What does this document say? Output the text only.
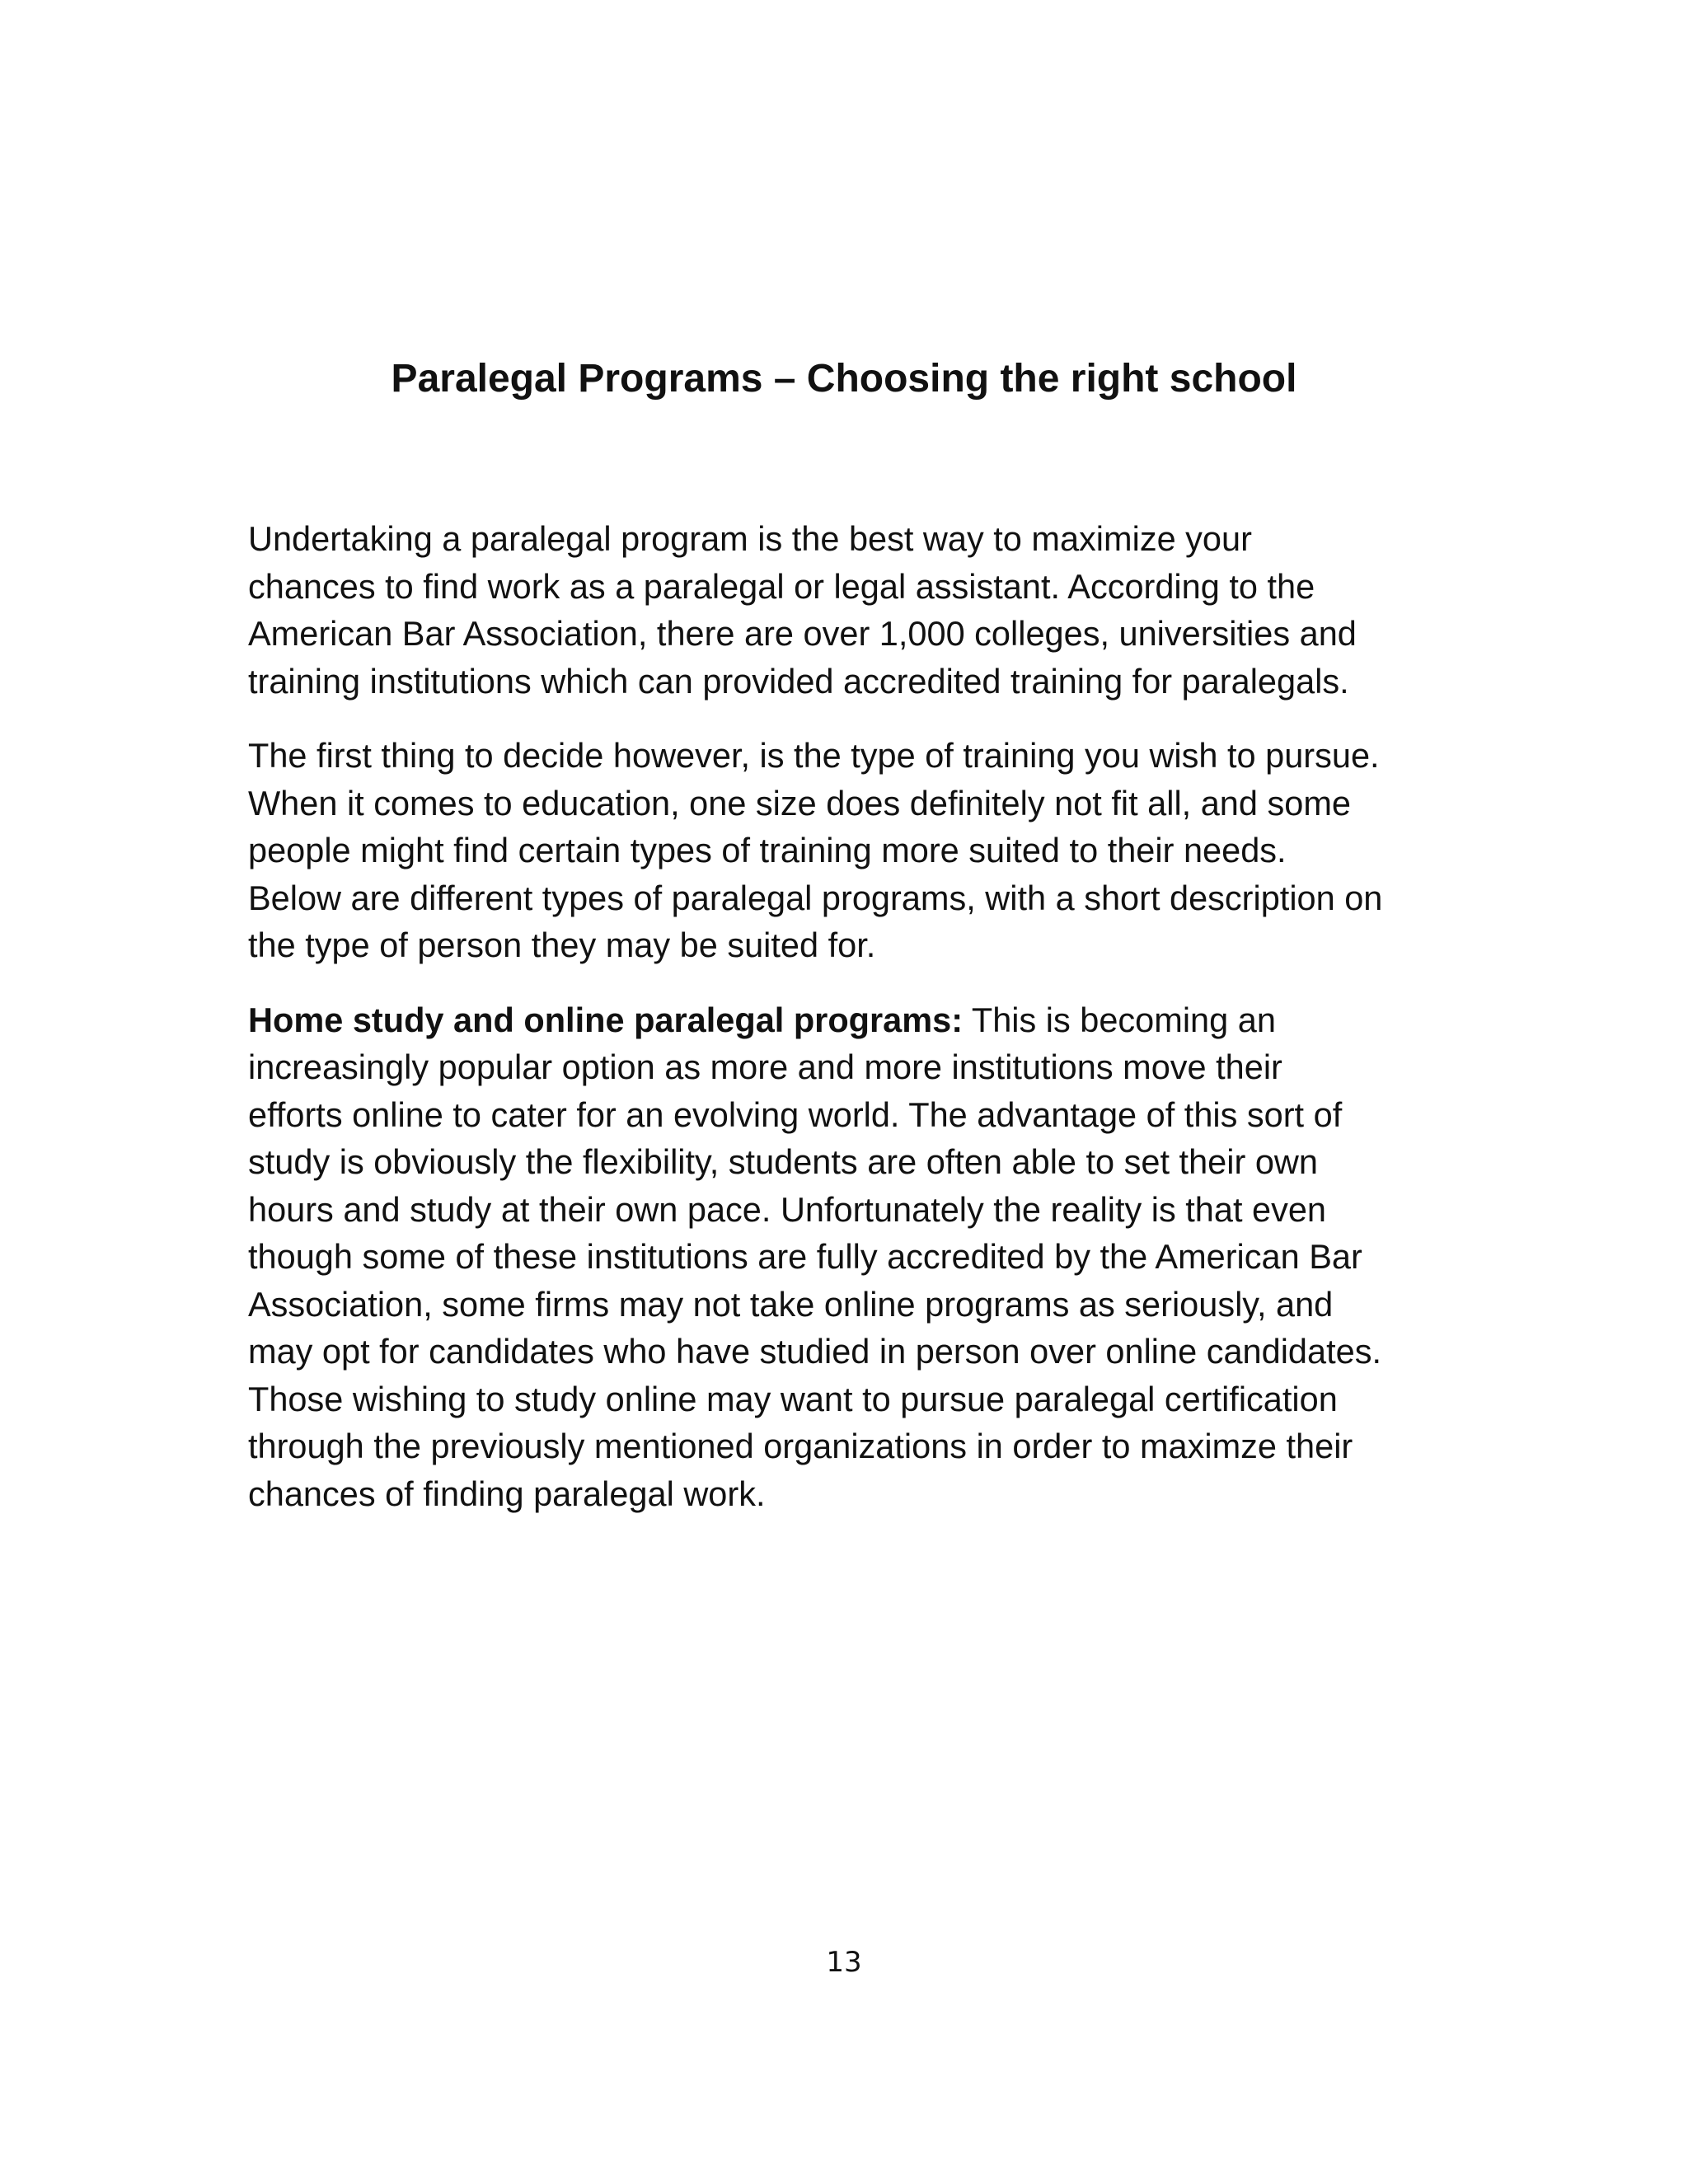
Paralegal Programs – Choosing the right school

Undertaking a paralegal program is the best way to maximize your
chances to find work as a paralegal or legal assistant. According to the
American Bar Association, there are over 1,000 colleges, universities and
training institutions which can provided accredited training for paralegals.

The first thing to decide however, is the type of training you wish to pursue.
When it comes to education, one size does definitely not fit all, and some
people might find certain types of training more suited to their needs.
Below are different types of paralegal programs, with a short description on
the type of person they may be suited for.

Home study and online paralegal programs: This is becoming an
increasingly popular option as more and more institutions move their
efforts online to cater for an evolving world. The advantage of this sort of
study is obviously the flexibility, students are often able to set their own
hours and study at their own pace. Unfortunately the reality is that even
though some of these institutions are fully accredited by the American Bar
Association, some firms may not take online programs as seriously, and
may opt for candidates who have studied in person over online candidates.
Those wishing to study online may want to pursue paralegal certification
through the previously mentioned organizations in order to maximze their
chances of finding paralegal work.

13
